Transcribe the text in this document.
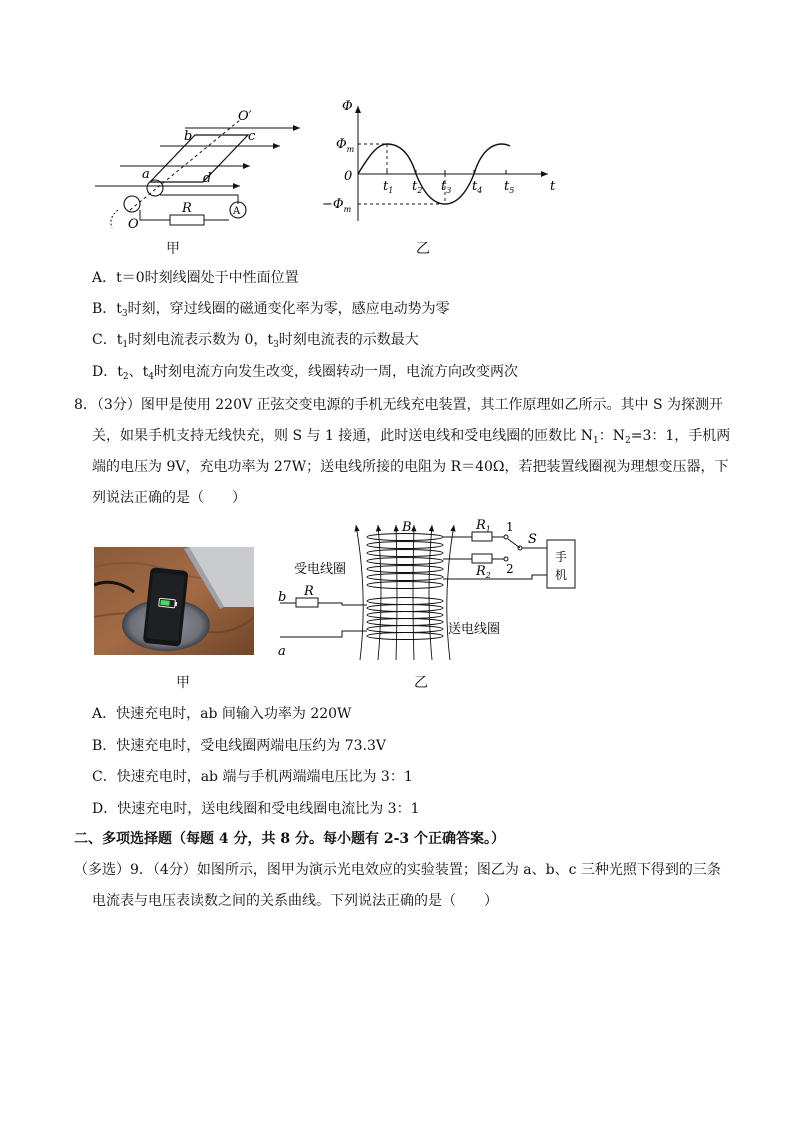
O′
b	c
a	d
R	A
O
甲
Φ
t
0
$\Phi_m$
$-\Phi_m$
$t_1$ $t_2$ $t_3$ $t_4$ $t_5$
乙
A．t＝0时刻线圈处于中性面位置
B．$t_3$时刻，穿过线圈的磁通变化率为零，感应电动势为零
C．$t_1$时刻电流表示数为 0，$t_3$时刻电流表的示数最大
D．$t_2$、$t_4$时刻电流方向发生改变，线圈转动一周，电流方向改变两次
8．（3分）图甲是使用 220V 正弦交变电源的手机无线充电装置，其工作原理如乙所示。其中 S 为探测开
关，如果手机支持无线快充，则 S 与 1 接通，此时送电线和受电线圈的匝数比 $N_1$：$N_2=3$：1，手机两
端的电压为 9V，充电功率为 27W；送电线所接的电阻为 R＝40Ω，若把装置线圈视为理想变压器，下
列说法正确的是（　　）
甲
B	$R_1$
$R_2$
1
2
S
手
机
受电线圈
送电线圈
b
a
R
乙
A．快速充电时，ab 间输入功率为 220W
B．快速充电时，受电线圈两端电压约为 73.3V
C．快速充电时，ab 端与手机两端端电压比为 3：1
D．快速充电时，送电线圈和受电线圈电流比为 3：1
二、多项选择题（每题 4 分，共 8 分。每小题有 2-3 个正确答案。）
（多选）9．（4分）如图所示，图甲为演示光电效应的实验装置；图乙为 a、b、c 三种光照下得到的三条
电流表与电压表读数之间的关系曲线。下列说法正确的是（　　）
